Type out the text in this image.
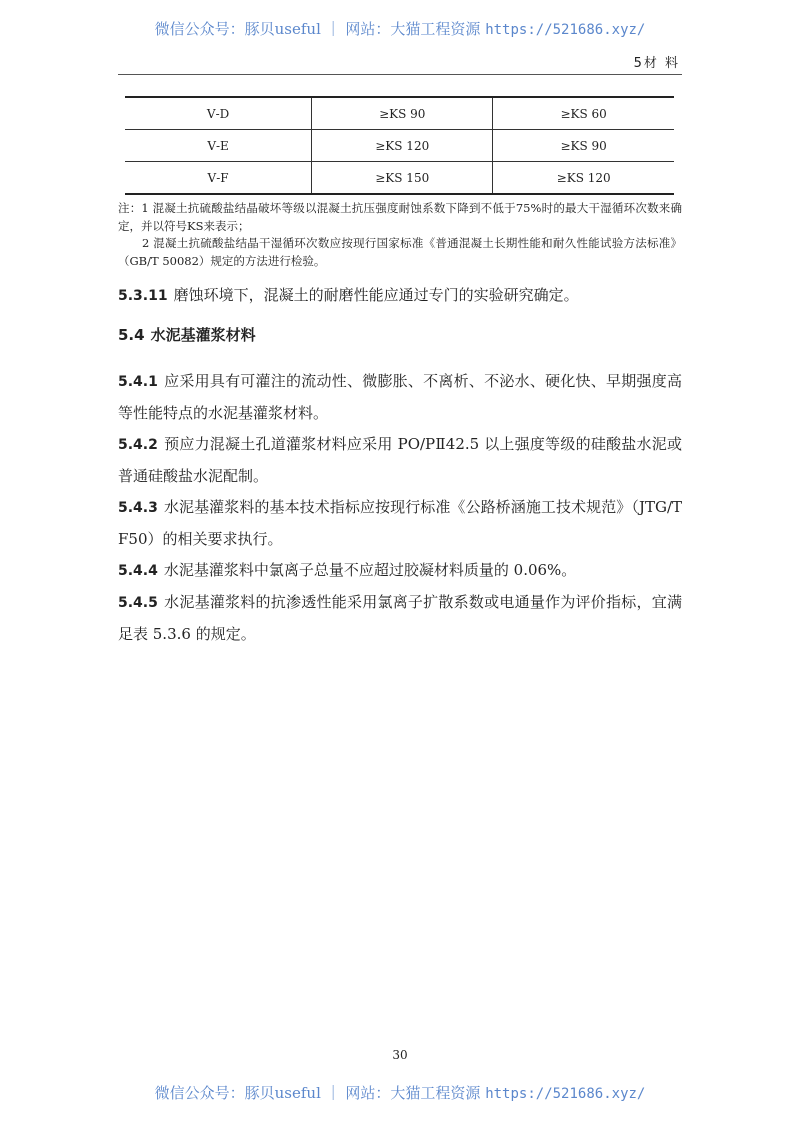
微信公众号：豚贝useful ｜ 网站：大猫工程资源 https://521686.xyz/
5材 料
Ⅴ-D	≥KS 90	≥KS 60
Ⅴ-E	≥KS 120	≥KS 90
Ⅴ-F	≥KS 150	≥KS 120

注：1 混凝土抗硫酸盐结晶破坏等级以混凝土抗压强度耐蚀系数下降到不低于75%时的最大干湿循环次数来确定，并以符号KS来表示；

2 混凝土抗硫酸盐结晶干湿循环次数应按现行国家标准《普通混凝土长期性能和耐久性能试验方法标准》（GB/T 50082）规定的方法进行检验。

5.3.11 磨蚀环境下，混凝土的耐磨性能应通过专门的实验研究确定。

5.4 水泥基灌浆材料

5.4.1 应采用具有可灌注的流动性、微膨胀、不离析、不泌水、硬化快、早期强度高等性能特点的水泥基灌浆材料。

5.4.2 预应力混凝土孔道灌浆材料应采用 PO/PⅡ42.5 以上强度等级的硅酸盐水泥或普通硅酸盐水泥配制。

5.4.3 水泥基灌浆料的基本技术指标应按现行标准《公路桥涵施工技术规范》（JTG/T F50）的相关要求执行。

5.4.4 水泥基灌浆料中氯离子总量不应超过胶凝材料质量的 0.06%。

5.4.5 水泥基灌浆料的抗渗透性能采用氯离子扩散系数或电通量作为评价指标，宜满足表 5.3.6 的规定。

30
微信公众号：豚贝useful ｜ 网站：大猫工程资源 https://521686.xyz/
